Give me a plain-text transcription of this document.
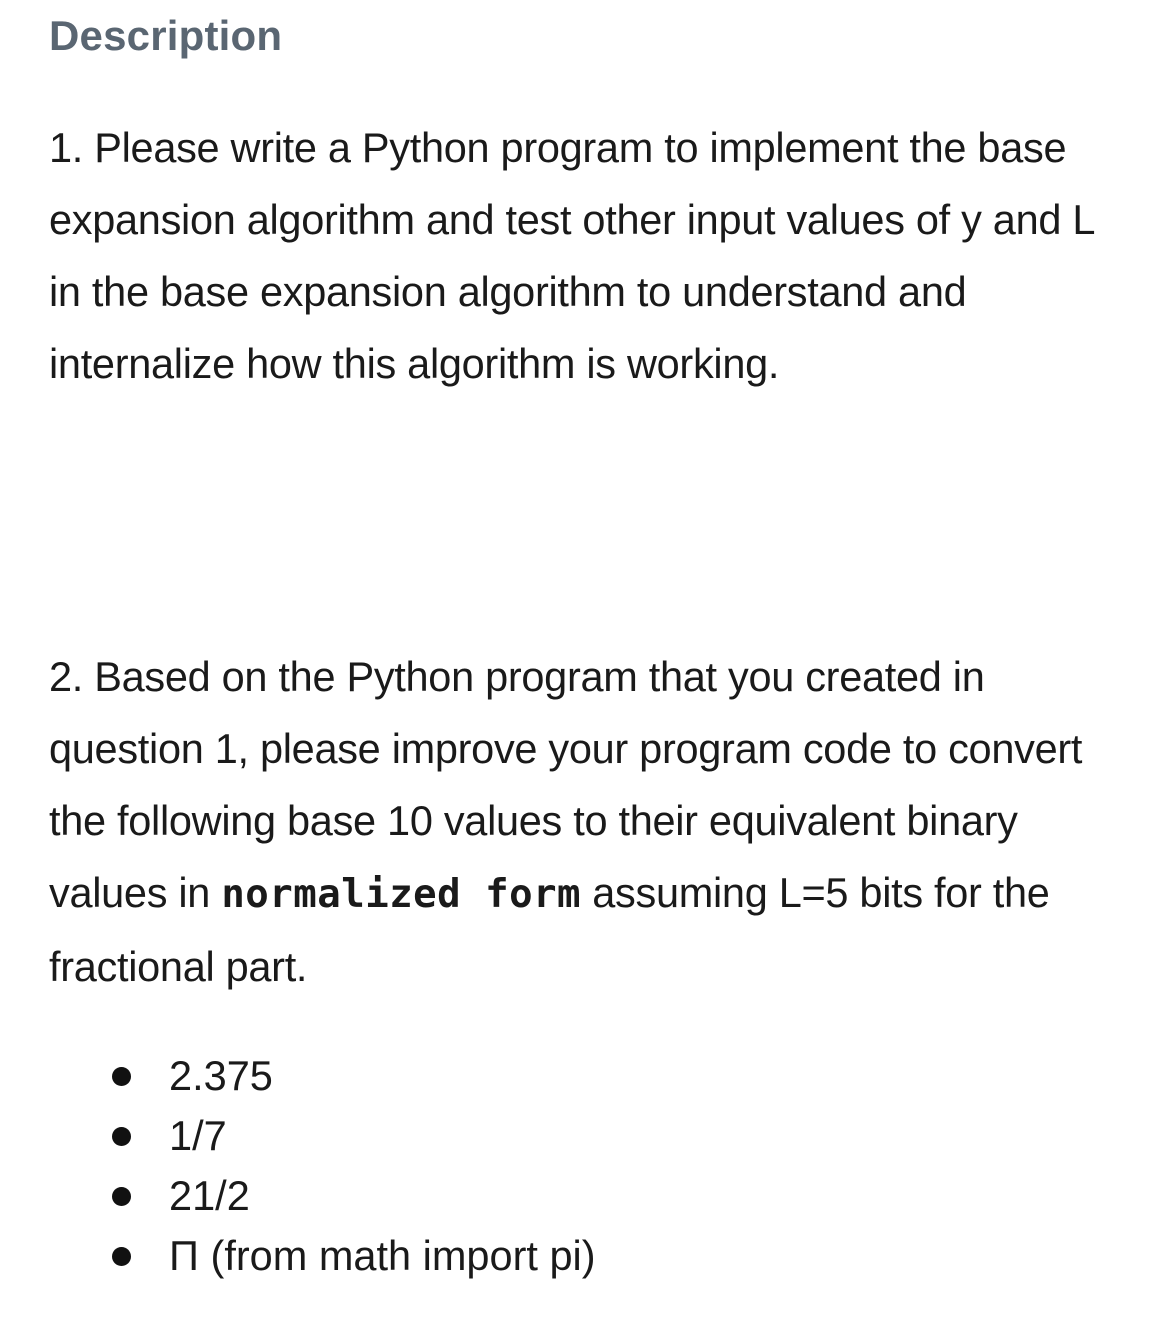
Description

1. Please write a Python program to implement the base expansion algorithm and test other input values of y and L in the base expansion algorithm to understand and internalize how this algorithm is working.

2. Based on the Python program that you created in question 1, please improve your program code to convert the following base 10 values to their equivalent binary values in normalized form assuming L=5 bits for the fractional part.

2.375
1/7
21/2
Π (from math import pi)
